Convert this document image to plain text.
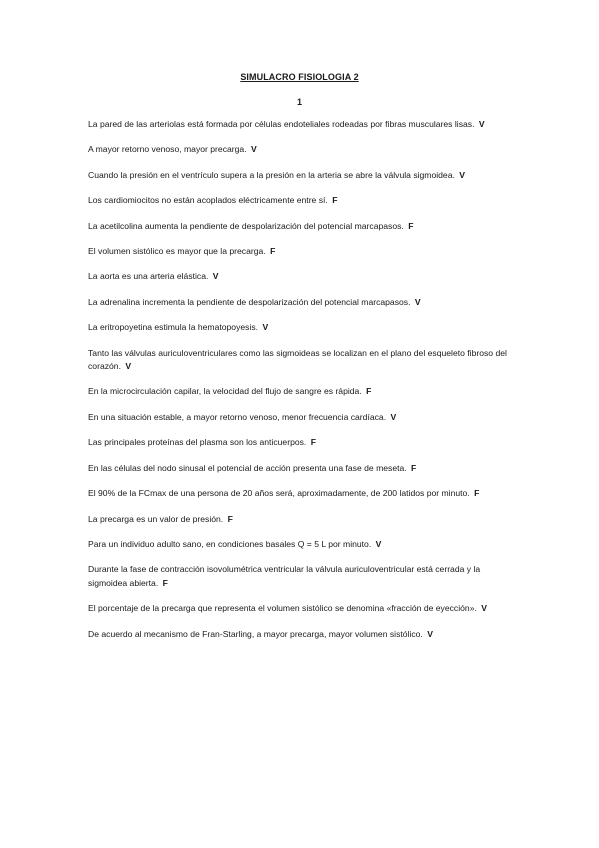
SIMULACRO FISIOLOGIA 2
1

La pared de las arteriolas está formada por células endoteliales rodeadas por fibras musculares lisas. V

A mayor retorno venoso, mayor precarga. V

Cuando la presión en el ventrículo supera a la presión en la arteria se abre la válvula sigmoidea. V

Los cardiomiocitos no están acoplados eléctricamente entre sí. F

La acetilcolina aumenta la pendiente de despolarización del potencial marcapasos. F

El volumen sistólico es mayor que la precarga. F

La aorta es una arteria elástica. V

La adrenalina incrementa la pendiente de despolarización del potencial marcapasos. V

La eritropoyetina estimula la hematopoyesis. V

Tanto las válvulas auriculoventriculares como las sigmoideas se localizan en el plano del esqueleto fibroso del corazón. V

En la microcirculación capilar, la velocidad del flujo de sangre es rápida. F

En una situación estable, a mayor retorno venoso, menor frecuencia cardíaca. V

Las principales proteínas del plasma son los anticuerpos. F

En las células del nodo sinusal el potencial de acción presenta una fase de meseta. F

El 90% de la FCmax de una persona de 20 años será, aproximadamente, de 200 latidos por minuto. F

La precarga es un valor de presión. F

Para un individuo adulto sano, en condiciones basales Q = 5 L por minuto. V

Durante la fase de contracción isovolumétrica ventricular la válvula auriculoventricular está cerrada y la sigmoidea abierta. F

El porcentaje de la precarga que representa el volumen sistólico se denomina «fracción de eyección». V

De acuerdo al mecanismo de Fran-Starling, a mayor precarga, mayor volumen sistólico. V
